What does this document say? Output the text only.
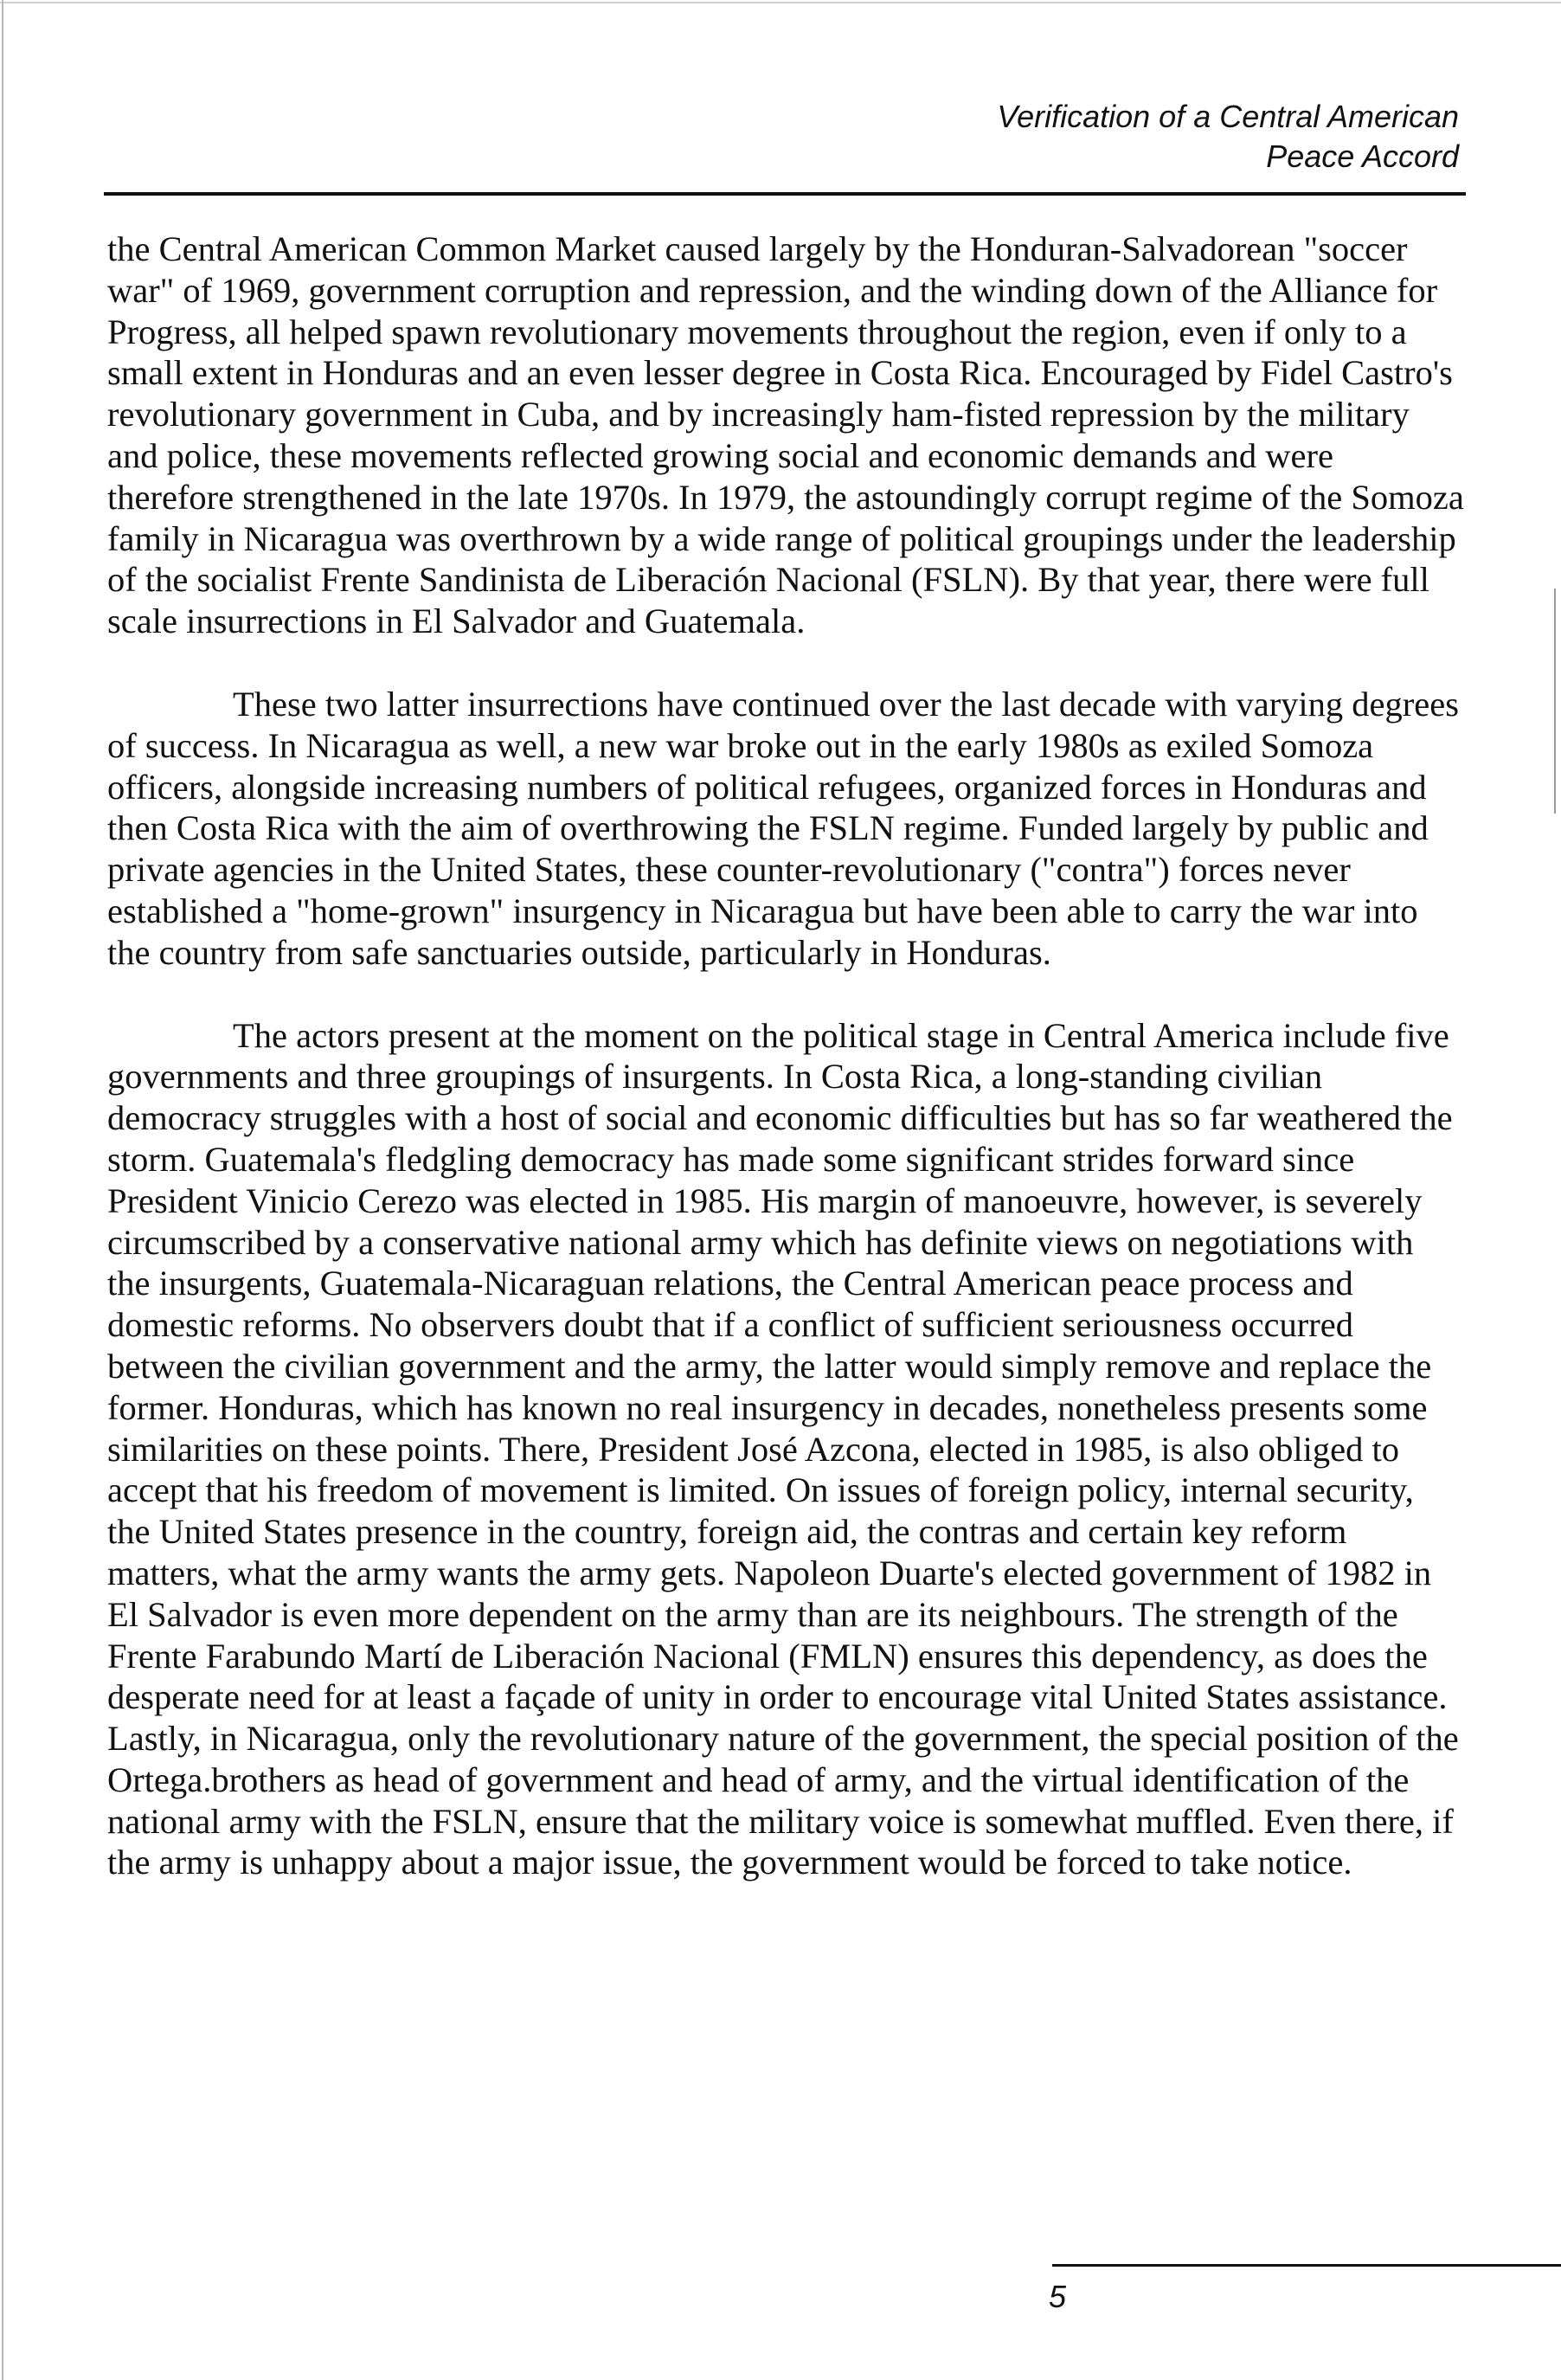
Verification of a Central American
Peace Accord

the Central American Common Market caused largely by the Honduran-Salvadorean "soccer war" of 1969, government corruption and repression, and the winding down of the Alliance for Progress, all helped spawn revolutionary movements throughout the region, even if only to a small extent in Honduras and an even lesser degree in Costa Rica. Encouraged by Fidel Castro's revolutionary government in Cuba, and by increasingly ham-fisted repression by the military and police, these movements reflected growing social and economic demands and were therefore strengthened in the late 1970s. In 1979, the astoundingly corrupt regime of the Somoza family in Nicaragua was overthrown by a wide range of political groupings under the leadership of the socialist Frente Sandinista de Liberación Nacional (FSLN). By that year, there were full scale insurrections in El Salvador and Guatemala.

These two latter insurrections have continued over the last decade with varying degrees of success. In Nicaragua as well, a new war broke out in the early 1980s as exiled Somoza officers, alongside increasing numbers of political refugees, organized forces in Honduras and then Costa Rica with the aim of overthrowing the FSLN regime. Funded largely by public and private agencies in the United States, these counter-revolutionary ("contra") forces never established a "home-grown" insurgency in Nicaragua but have been able to carry the war into the country from safe sanctuaries outside, particularly in Honduras.

The actors present at the moment on the political stage in Central America include five governments and three groupings of insurgents. In Costa Rica, a long-standing civilian democracy struggles with a host of social and economic difficulties but has so far weathered the storm. Guatemala's fledgling democracy has made some significant strides forward since President Vinicio Cerezo was elected in 1985. His margin of manoeuvre, however, is severely circumscribed by a conservative national army which has definite views on negotiations with the insurgents, Guatemala-Nicaraguan relations, the Central American peace process and domestic reforms. No observers doubt that if a conflict of sufficient seriousness occurred between the civilian government and the army, the latter would simply remove and replace the former. Honduras, which has known no real insurgency in decades, nonetheless presents some similarities on these points. There, President José Azcona, elected in 1985, is also obliged to accept that his freedom of movement is limited. On issues of foreign policy, internal security, the United States presence in the country, foreign aid, the contras and certain key reform matters, what the army wants the army gets. Napoleon Duarte's elected government of 1982 in El Salvador is even more dependent on the army than are its neighbours. The strength of the Frente Farabundo Martí de Liberación Nacional (FMLN) ensures this dependency, as does the desperate need for at least a façade of unity in order to encourage vital United States assistance. Lastly, in Nicaragua, only the revolutionary nature of the government, the special position of the Ortega.brothers as head of government and head of army, and the virtual identification of the national army with the FSLN, ensure that the military voice is somewhat muffled. Even there, if the army is unhappy about a major issue, the government would be forced to take notice.

5
